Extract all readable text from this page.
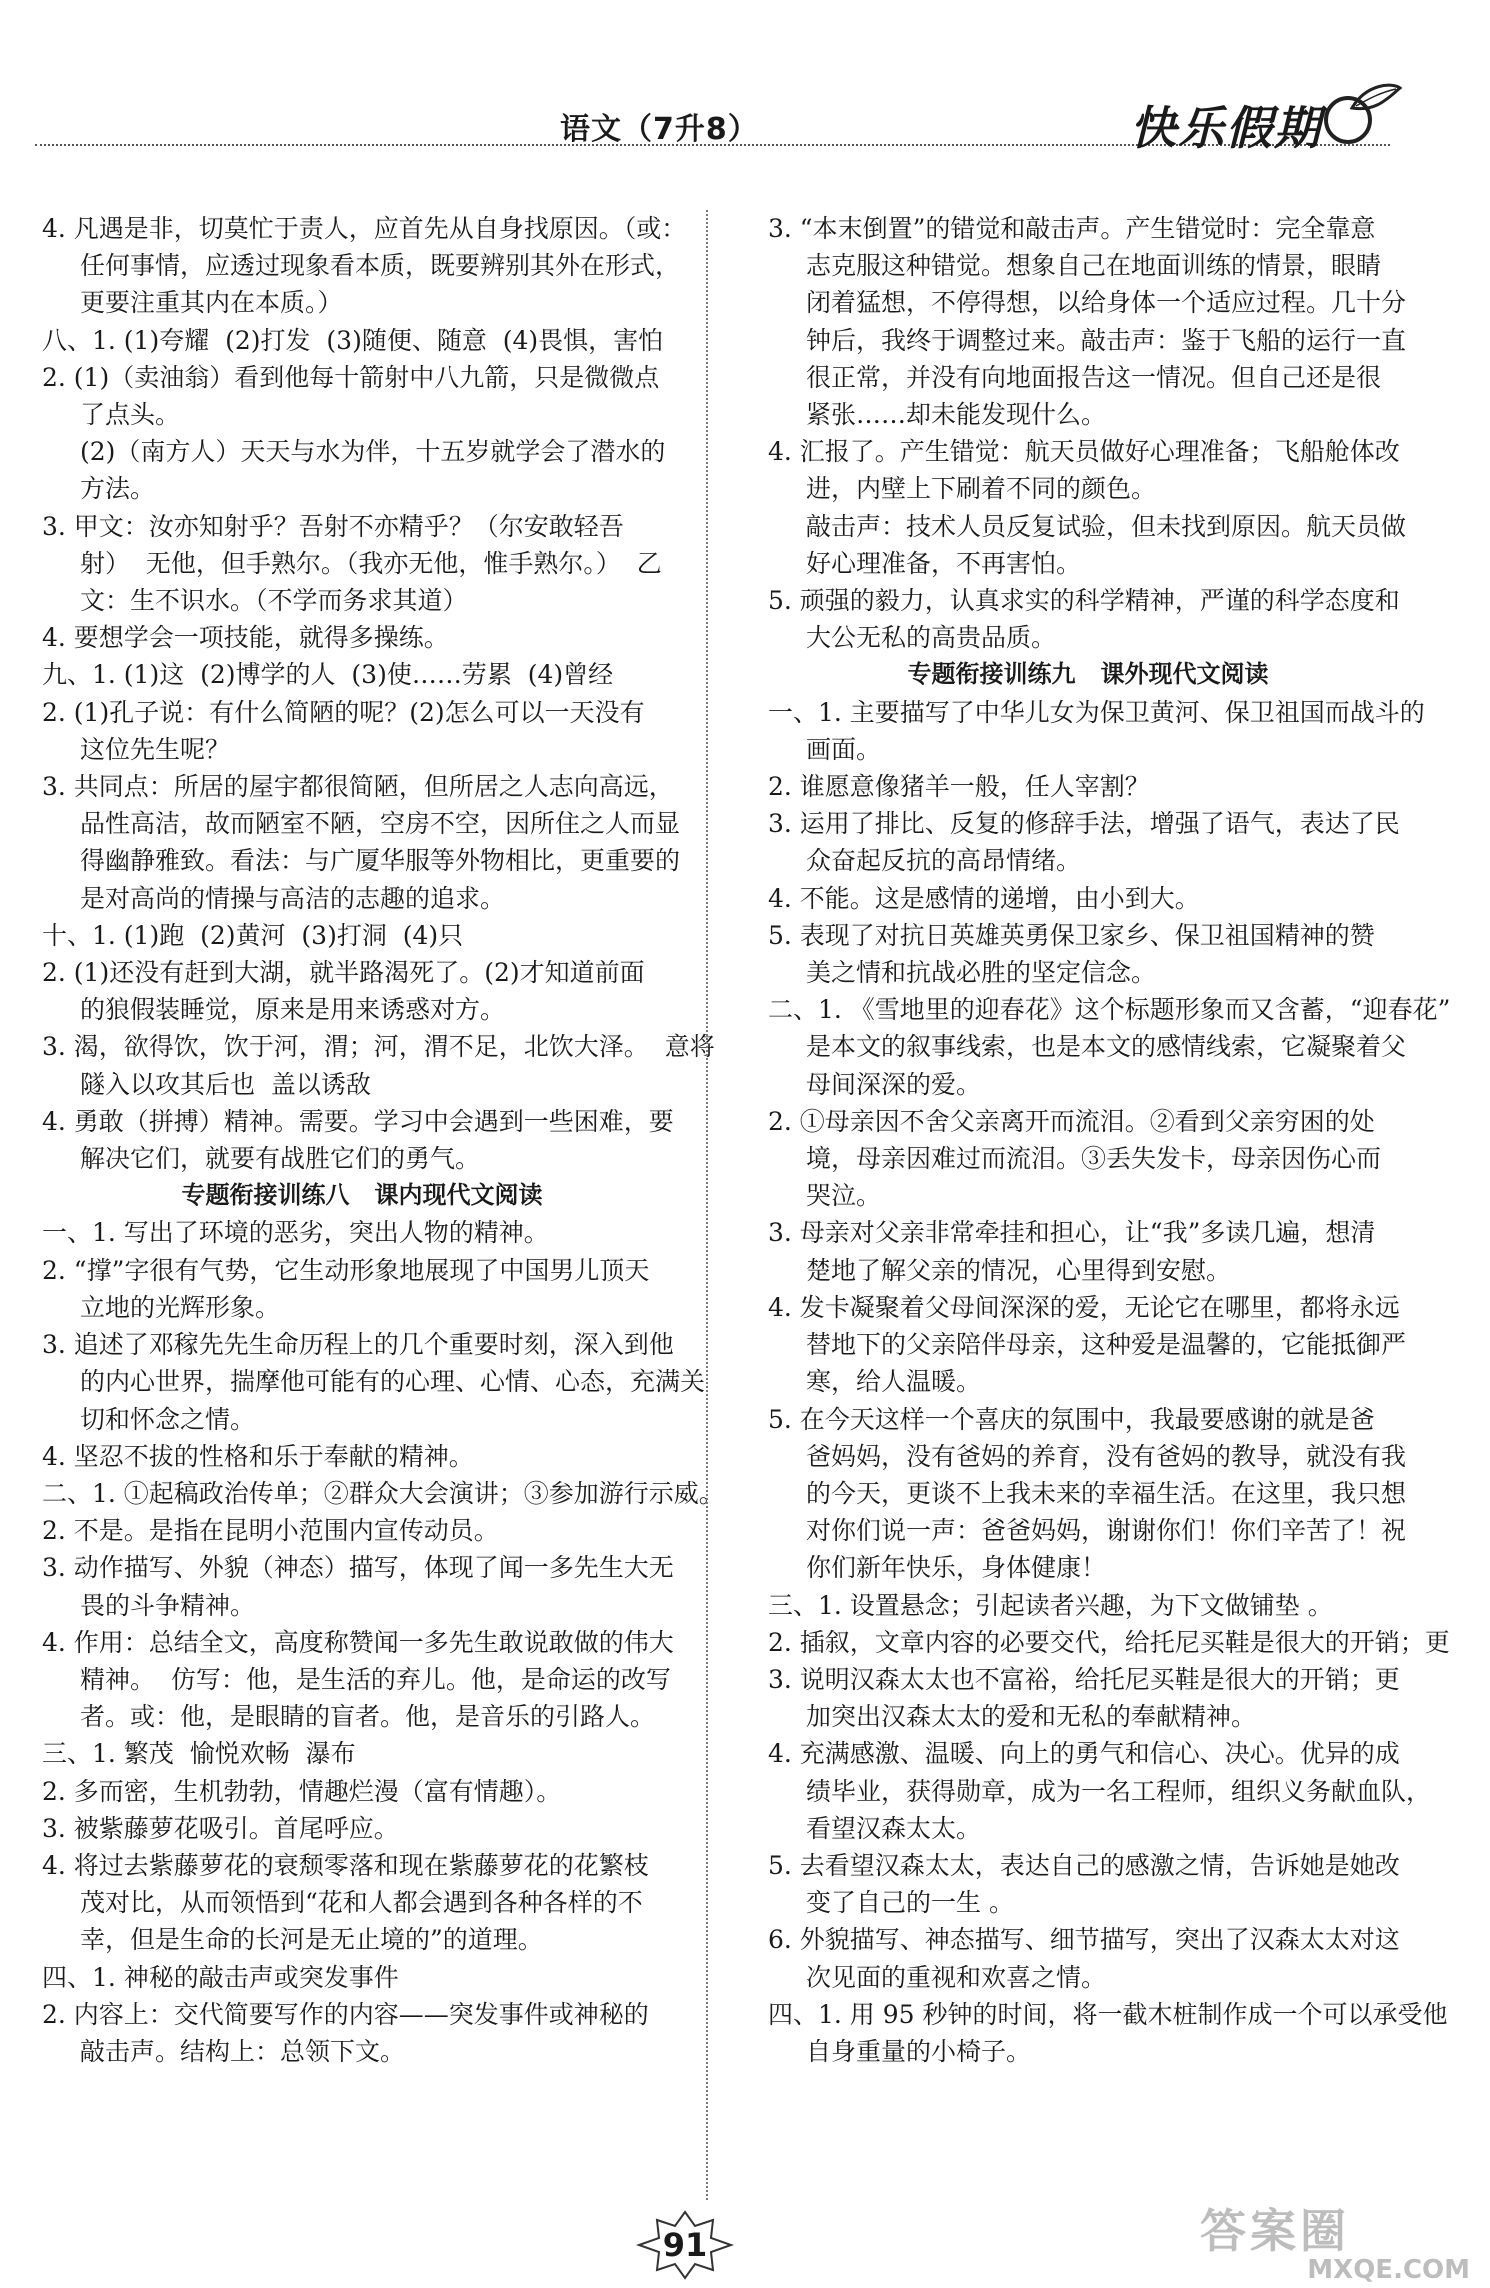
语文（7升8）	快乐假期
4. 凡遇是非，切莫忙于责人，应首先从自身找原因。（或：
任何事情，应透过现象看本质，既要辨别其外在形式，
更要注重其内在本质。）
八、1. (1)夸耀  (2)打发  (3)随便、随意  (4)畏惧，害怕
2. (1)（卖油翁）看到他每十箭射中八九箭，只是微微点
了点头。
(2)（南方人）天天与水为伴，十五岁就学会了潜水的
方法。
3. 甲文：汝亦知射乎？吾射不亦精乎？（尔安敢轻吾
射）  无他，但手熟尔。（我亦无他，惟手熟尔。）  乙
文：生不识水。（不学而务求其道）
4. 要想学会一项技能，就得多操练。
九、1. (1)这  (2)博学的人  (3)使……劳累  (4)曾经
2. (1)孔子说：有什么简陋的呢？(2)怎么可以一天没有
这位先生呢？
3. 共同点：所居的屋宇都很简陋，但所居之人志向高远，
品性高洁，故而陋室不陋，空房不空，因所住之人而显
得幽静雅致。看法：与广厦华服等外物相比，更重要的
是对高尚的情操与高洁的志趣的追求。
十、1. (1)跑  (2)黄河  (3)打洞  (4)只
2. (1)还没有赶到大湖，就半路渴死了。(2)才知道前面
的狼假装睡觉，原来是用来诱惑对方。
3. 渴，欲得饮，饮于河，渭；河，渭不足，北饮大泽。  意将
隧入以攻其后也  盖以诱敌
4. 勇敢（拼搏）精神。需要。学习中会遇到一些困难，要
解决它们，就要有战胜它们的勇气。
专题衔接训练八   课内现代文阅读
一、1. 写出了环境的恶劣，突出人物的精神。
2. “撑”字很有气势，它生动形象地展现了中国男儿顶天
立地的光辉形象。
3. 追述了邓稼先先生命历程上的几个重要时刻，深入到他
的内心世界，揣摩他可能有的心理、心情、心态，充满关
切和怀念之情。
4. 坚忍不拔的性格和乐于奉献的精神。
二、1. ①起稿政治传单；②群众大会演讲；③参加游行示威。
2. 不是。是指在昆明小范围内宣传动员。
3. 动作描写、外貌（神态）描写，体现了闻一多先生大无
畏的斗争精神。
4. 作用：总结全文，高度称赞闻一多先生敢说敢做的伟大
精神。  仿写：他，是生活的弃儿。他，是命运的改写
者。或：他，是眼睛的盲者。他，是音乐的引路人。
三、1. 繁茂  愉悦欢畅  瀑布
2. 多而密，生机勃勃，情趣烂漫（富有情趣）。
3. 被紫藤萝花吸引。首尾呼应。
4. 将过去紫藤萝花的衰颓零落和现在紫藤萝花的花繁枝
茂对比，从而领悟到“花和人都会遇到各种各样的不
幸，但是生命的长河是无止境的”的道理。
四、1. 神秘的敲击声或突发事件
2. 内容上：交代简要写作的内容——突发事件或神秘的
敲击声。结构上：总领下文。
3. “本末倒置”的错觉和敲击声。产生错觉时：完全靠意
志克服这种错觉。想象自己在地面训练的情景，眼睛
闭着猛想，不停得想，以给身体一个适应过程。几十分
钟后，我终于调整过来。敲击声：鉴于飞船的运行一直
很正常，并没有向地面报告这一情况。但自己还是很
紧张……却未能发现什么。
4. 汇报了。产生错觉：航天员做好心理准备；飞船舱体改
进，内壁上下刷着不同的颜色。
敲击声：技术人员反复试验，但未找到原因。航天员做
好心理准备，不再害怕。
5. 顽强的毅力，认真求实的科学精神，严谨的科学态度和
大公无私的高贵品质。
专题衔接训练九   课外现代文阅读
一、1. 主要描写了中华儿女为保卫黄河、保卫祖国而战斗的
画面。
2. 谁愿意像猪羊一般，任人宰割？
3. 运用了排比、反复的修辞手法，增强了语气，表达了民
众奋起反抗的高昂情绪。
4. 不能。这是感情的递增，由小到大。
5. 表现了对抗日英雄英勇保卫家乡、保卫祖国精神的赞
美之情和抗战必胜的坚定信念。
二、1. 《雪地里的迎春花》这个标题形象而又含蓄，“迎春花”
是本文的叙事线索，也是本文的感情线索，它凝聚着父
母间深深的爱。
2. ①母亲因不舍父亲离开而流泪。②看到父亲穷困的处
境，母亲因难过而流泪。③丢失发卡，母亲因伤心而
哭泣。
3. 母亲对父亲非常牵挂和担心，让“我”多读几遍，想清
楚地了解父亲的情况，心里得到安慰。
4. 发卡凝聚着父母间深深的爱，无论它在哪里，都将永远
替地下的父亲陪伴母亲，这种爱是温馨的，它能抵御严
寒，给人温暖。
5. 在今天这样一个喜庆的氛围中，我最要感谢的就是爸
爸妈妈，没有爸妈的养育，没有爸妈的教导，就没有我
的今天，更谈不上我未来的幸福生活。在这里，我只想
对你们说一声：爸爸妈妈，谢谢你们！你们辛苦了！祝
你们新年快乐，身体健康！
三、1. 设置悬念；引起读者兴趣，为下文做铺垫 。
2. 插叙，文章内容的必要交代，给托尼买鞋是很大的开销；更
3. 说明汉森太太也不富裕，给托尼买鞋是很大的开销；更
加突出汉森太太的爱和无私的奉献精神。
4. 充满感激、温暖、向上的勇气和信心、决心。优异的成
绩毕业，获得勋章，成为一名工程师，组织义务献血队，
看望汉森太太。
5. 去看望汉森太太，表达自己的感激之情，告诉她是她改
变了自己的一生 。
6. 外貌描写、神态描写、细节描写，突出了汉森太太对这
次见面的重视和欢喜之情。
四、1. 用 95 秒钟的时间，将一截木桩制作成一个可以承受他
自身重量的小椅子。
91	答案圈
MXQE.COM
